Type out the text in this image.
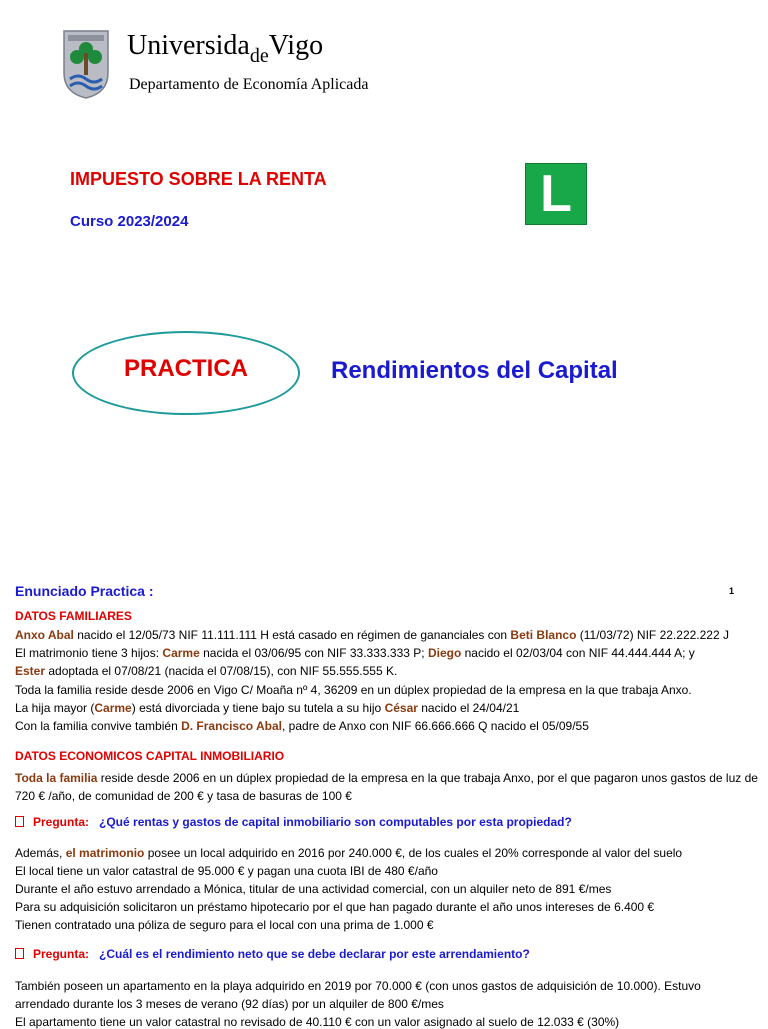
Universida$_{de}$Vigo
Departamento de Economía Aplicada
IMPUESTO SOBRE LA RENTA
Curso 2023/2024	L
PRACTICA	Rendimientos del Capital
Enunciado Practica :	1
DATOS FAMILIARES
Anxo Abal nacido el 12/05/73 NIF 11.111.111 H está casado en régimen de gananciales con Beti Blanco (11/03/72) NIF 22.222.222 J
El matrimonio tiene 3 hijos: Carme nacida el 03/06/95 con NIF 33.333.333 P; Diego nacido el 02/03/04 con NIF 44.444.444 A; y
Ester adoptada el 07/08/21 (nacida el 07/08/15), con NIF 55.555.555 K.
Toda la familia reside desde 2006 en Vigo C/ Moaña nº 4, 36209 en un dúplex propiedad de la empresa en la que trabaja Anxo.
La hija mayor (Carme) está divorciada y tiene bajo su tutela a su hijo César nacido el 24/04/21
Con la familia convive también D. Francisco Abal, padre de Anxo con NIF 66.666.666 Q nacido el 05/09/55
DATOS ECONOMICOS CAPITAL INMOBILIARIO
Toda la familia reside desde 2006 en un dúplex propiedad de la empresa en la que trabaja Anxo, por el que pagaron unos gastos de luz de
720 € /año, de comunidad de 200 € y tasa de basuras de 100 €
Pregunta: ¿Qué rentas y gastos de capital inmobiliario son computables por esta propiedad?
Además, el matrimonio posee un local adquirido en 2016 por 240.000 €, de los cuales el 20% corresponde al valor del suelo
El local tiene un valor catastral de 95.000 € y pagan una cuota IBI de 480 €/año
Durante el año estuvo arrendado a Mónica, titular de una actividad comercial, con un alquiler neto de 891 €/mes
Para su adquisición solicitaron un préstamo hipotecario por el que han pagado durante el año unos intereses de 6.400 €
Tienen contratado una póliza de seguro para el local con una prima de 1.000 €
Pregunta: ¿Cuál es el rendimiento neto que se debe declarar por este arrendamiento?
También poseen un apartamento en la playa adquirido en 2019 por 70.000 € (con unos gastos de adquisición de 10.000). Estuvo
arrendado durante los 3 meses de verano (92 días) por un alquiler de 800 €/mes
El apartamento tiene un valor catastral no revisado de 40.110 € con un valor asignado al suelo de 12.033 € (30%)
